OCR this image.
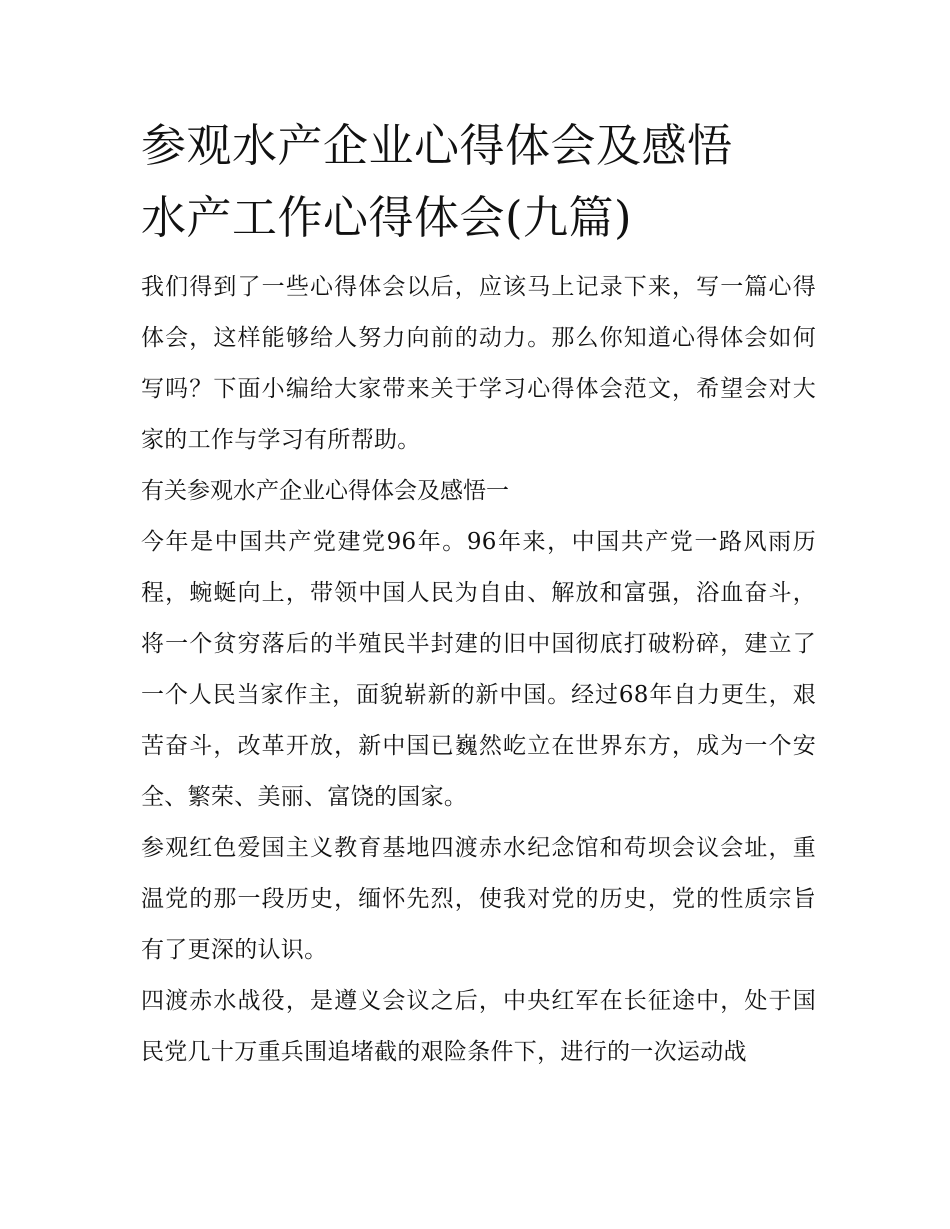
参观水产企业心得体会及感悟
水产工作心得体会(九篇)

我们得到了一些心得体会以后，应该马上记录下来，写一篇心得体会，这样能够给人努力向前的动力。那么你知道心得体会如何写吗？下面小编给大家带来关于学习心得体会范文，希望会对大家的工作与学习有所帮助。

有关参观水产企业心得体会及感悟一

今年是中国共产党建党96年。96年来，中国共产党一路风雨历程，蜿蜒向上，带领中国人民为自由、解放和富强，浴血奋斗，将一个贫穷落后的半殖民半封建的旧中国彻底打破粉碎，建立了一个人民当家作主，面貌崭新的新中国。经过68年自力更生，艰苦奋斗，改革开放，新中国已巍然屹立在世界东方，成为一个安全、繁荣、美丽、富饶的国家。

参观红色爱国主义教育基地四渡赤水纪念馆和苟坝会议会址，重温党的那一段历史，缅怀先烈，使我对党的历史，党的性质宗旨有了更深的认识。

四渡赤水战役，是遵义会议之后，中央红军在长征途中，处于国民党几十万重兵围追堵截的艰险条件下，进行的一次运动战
